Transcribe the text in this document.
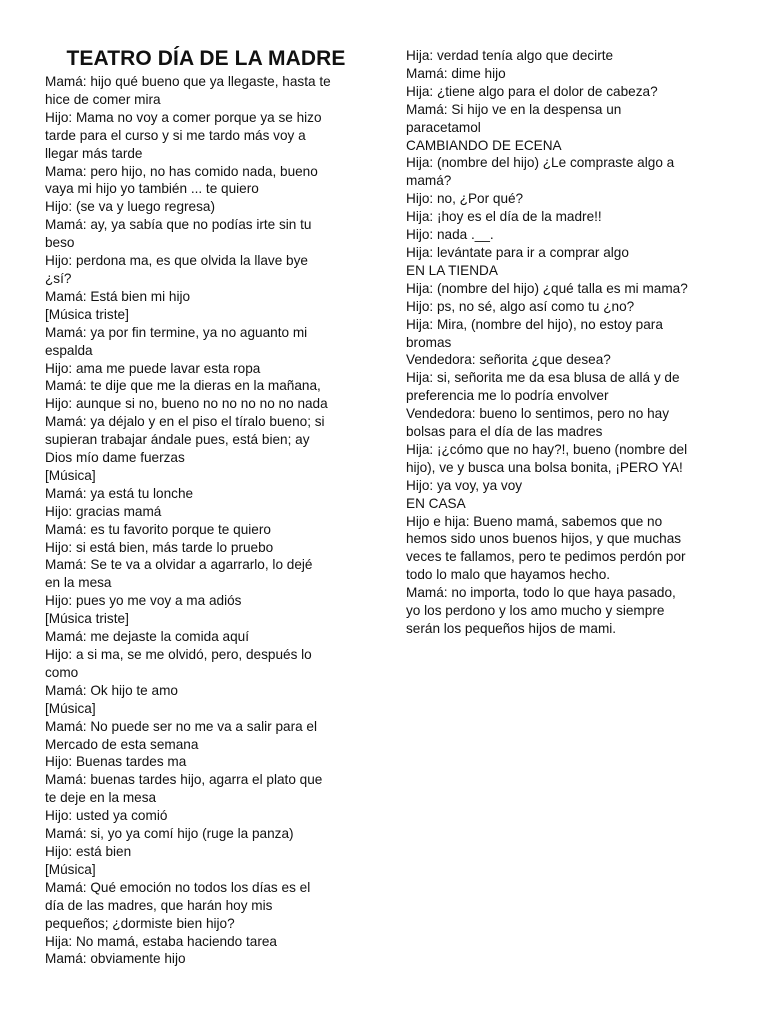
TEATRO DÍA DE LA MADRE

Mamá: hijo qué bueno que ya llegaste, hasta te
hice de comer mira

Hijo: Mama no voy a comer porque ya se hizo
tarde para el curso y si me tardo más voy a
llegar más tarde

Mama: pero hijo, no has comido nada, bueno
vaya mi hijo yo también ... te quiero

Hijo: (se va y luego regresa)

Mamá: ay, ya sabía que no podías irte sin tu
beso

Hijo: perdona ma, es que olvida la llave bye
¿sí?

Mamá: Está bien mi hijo

[Música triste]

Mamá: ya por fin termine, ya no aguanto mi
espalda

Hijo: ama me puede lavar esta ropa

Mamá: te dije que me la dieras en la mañana,

Hijo: aunque si no, bueno no no no no no nada

Mamá: ya déjalo y en el piso el tíralo bueno; si
supieran trabajar ándale pues, está bien; ay
Dios mío dame fuerzas

[Música]

Mamá: ya está tu lonche

Hijo: gracias mamá

Mamá: es tu favorito porque te quiero

Hijo: si está bien, más tarde lo pruebo

Mamá: Se te va a olvidar a agarrarlo, lo dejé
en la mesa

Hijo: pues yo me voy a ma adiós

[Música triste]

Mamá: me dejaste la comida aquí

Hijo: a si ma, se me olvidó, pero, después lo
como

Mamá: Ok hijo te amo

[Música]

Mamá: No puede ser no me va a salir para el
Mercado de esta semana

Hijo: Buenas tardes ma

Mamá: buenas tardes hijo, agarra el plato que
te deje en la mesa

Hijo: usted ya comió

Mamá: si, yo ya comí hijo (ruge la panza)

Hijo: está bien

[Música]

Mamá: Qué emoción no todos los días es el
día de las madres, que harán hoy mis
pequeños; ¿dormiste bien hijo?

Hija: No mamá, estaba haciendo tarea

Mamá: obviamente hijo

Hija: verdad tenía algo que decirte

Mamá: dime hijo

Hija: ¿tiene algo para el dolor de cabeza?

Mamá: Si hijo ve en la despensa un
paracetamol

CAMBIANDO DE ECENA

Hija: (nombre del hijo) ¿Le compraste algo a
mamá?

Hijo: no, ¿Por qué?

Hija: ¡hoy es el día de la madre!!

Hijo: nada .__.

Hija: levántate para ir a comprar algo

EN LA TIENDA

Hija: (nombre del hijo) ¿qué talla es mi mama?

Hijo: ps, no sé, algo así como tu ¿no?

Hija: Mira, (nombre del hijo), no estoy para
bromas

Vendedora: señorita ¿que desea?

Hija: si, señorita me da esa blusa de allá y de
preferencia me lo podría envolver

Vendedora: bueno lo sentimos, pero no hay
bolsas para el día de las madres

Hija: ¡¿cómo que no hay?!, bueno (nombre del
hijo), ve y busca una bolsa bonita, ¡PERO YA!

Hijo: ya voy, ya voy

EN CASA

Hijo e hija: Bueno mamá, sabemos que no
hemos sido unos buenos hijos, y que muchas
veces te fallamos, pero te pedimos perdón por
todo lo malo que hayamos hecho.

Mamá: no importa, todo lo que haya pasado,
yo los perdono y los amo mucho y siempre
serán los pequeños hijos de mami.
